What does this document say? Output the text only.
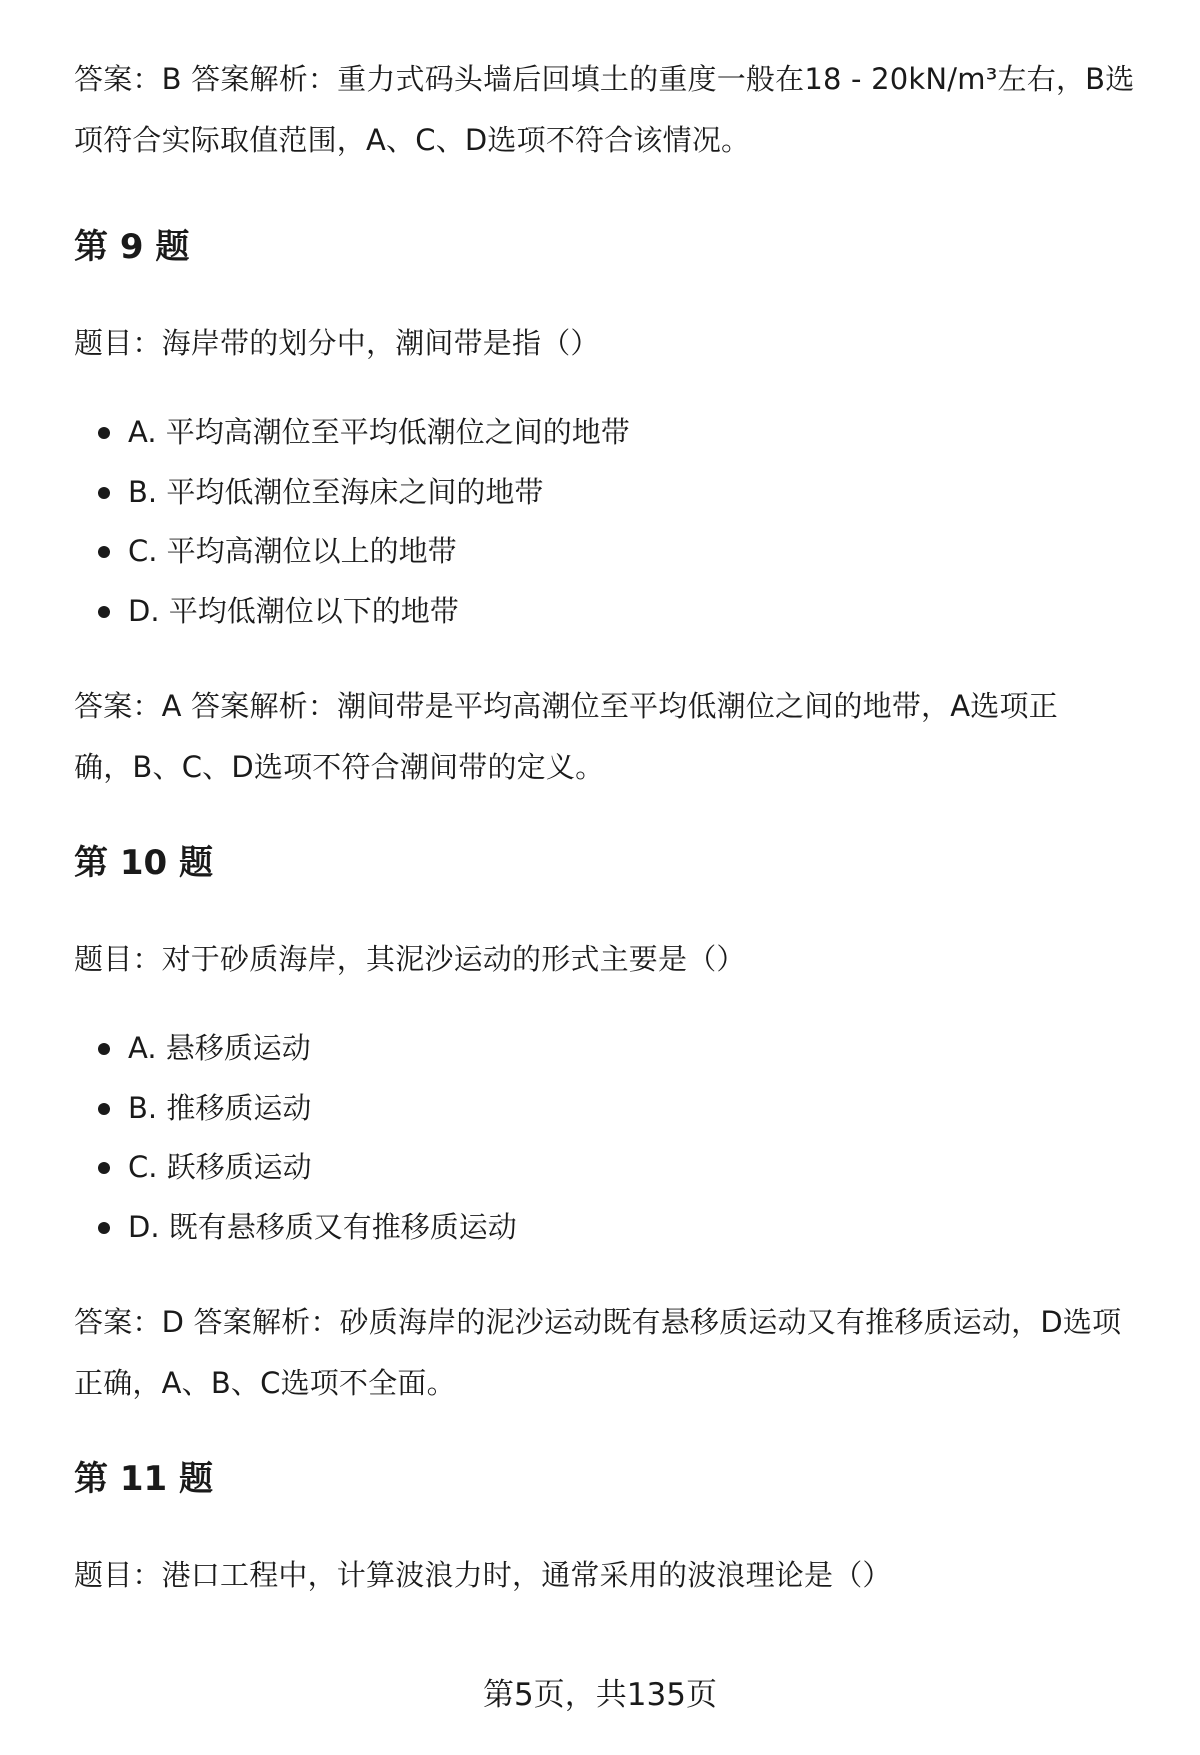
答案：B 答案解析：重力式码头墙后回填土的重度一般在18 - 20kN/m³左右，B选

项符合实际取值范围，A、C、D选项不符合该情况。

第 9 题

题目：海岸带的划分中，潮间带是指（）

A. 平均高潮位至平均低潮位之间的地带
B. 平均低潮位至海床之间的地带
C. 平均高潮位以上的地带
D. 平均低潮位以下的地带

答案：A 答案解析：潮间带是平均高潮位至平均低潮位之间的地带，A选项正

确，B、C、D选项不符合潮间带的定义。

第 10 题

题目：对于砂质海岸，其泥沙运动的形式主要是（）

A. 悬移质运动
B. 推移质运动
C. 跃移质运动
D. 既有悬移质又有推移质运动

答案：D 答案解析：砂质海岸的泥沙运动既有悬移质运动又有推移质运动，D选项

正确，A、B、C选项不全面。

第 11 题

题目：港口工程中，计算波浪力时，通常采用的波浪理论是（）

第5页，共135页
